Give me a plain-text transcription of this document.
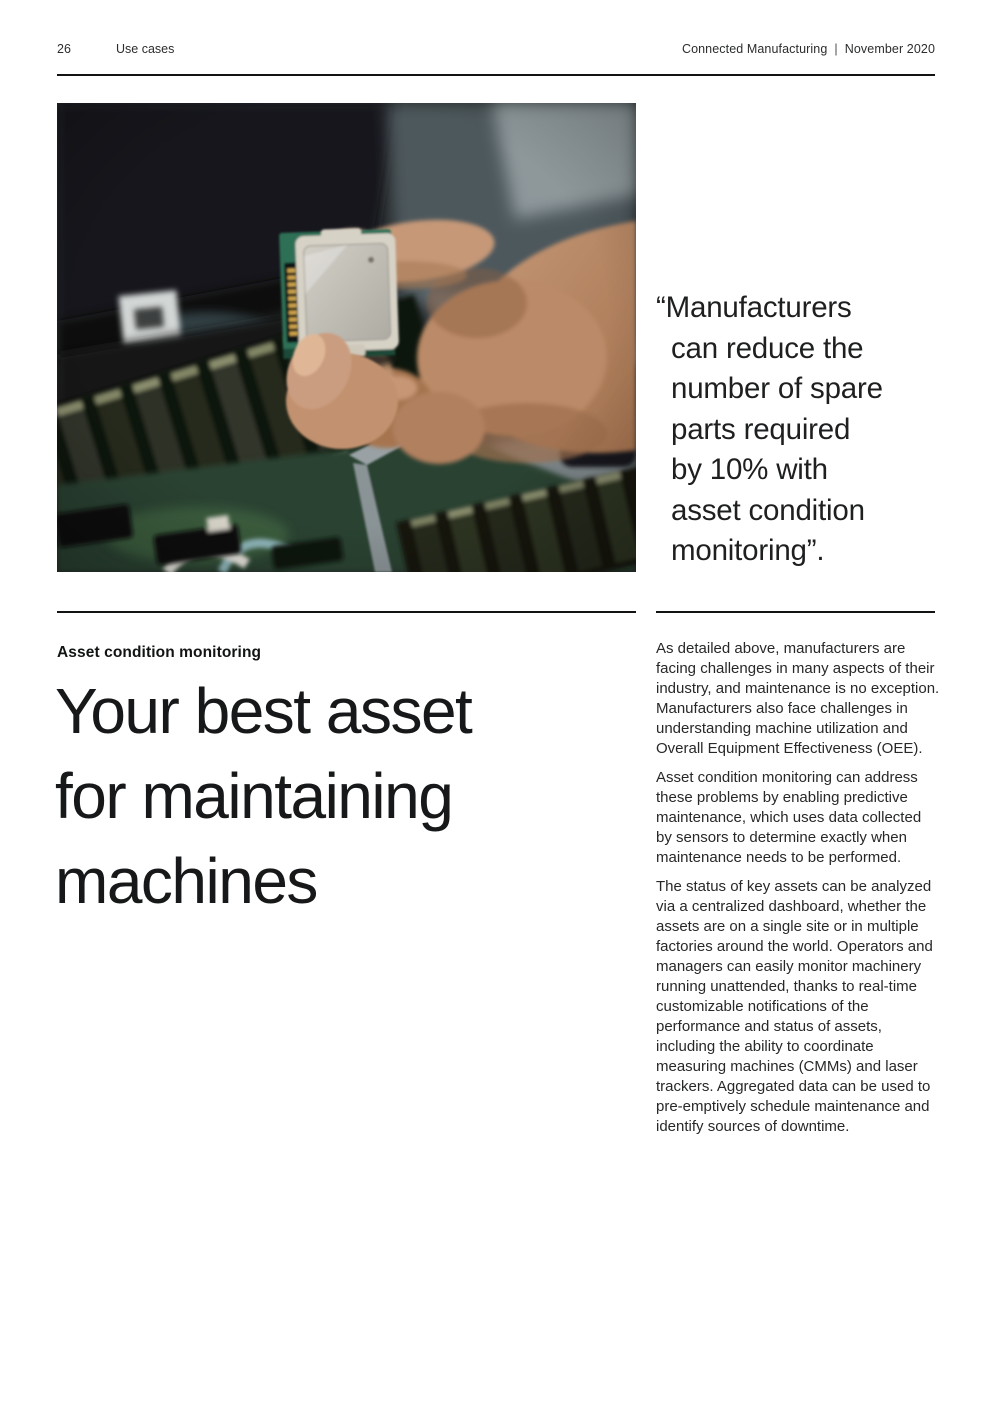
26	Use cases	Connected Manufacturing | November 2020
“Manufacturers
can reduce the
number of spare
parts required
by 10% with
asset condition
monitoring”.
Asset condition monitoring
Your best asset
for maintaining
machines

As detailed above, manufacturers are facing challenges in many aspects of their industry, and maintenance is no exception. Manufacturers also face challenges in understanding machine utilization and Overall Equipment Effectiveness (OEE).

Asset condition monitoring can address these problems by enabling predictive maintenance, which uses data collected by sensors to determine exactly when maintenance needs to be performed.

The status of key assets can be analyzed via a centralized dashboard, whether the assets are on a single site or in multiple factories around the world. Operators and managers can easily monitor machinery running unattended, thanks to real-time customizable notifications of the performance and status of assets, including the ability to coordinate measuring machines (CMMs) and laser trackers. Aggregated data can be used to pre-emptively schedule maintenance and identify sources of downtime.
